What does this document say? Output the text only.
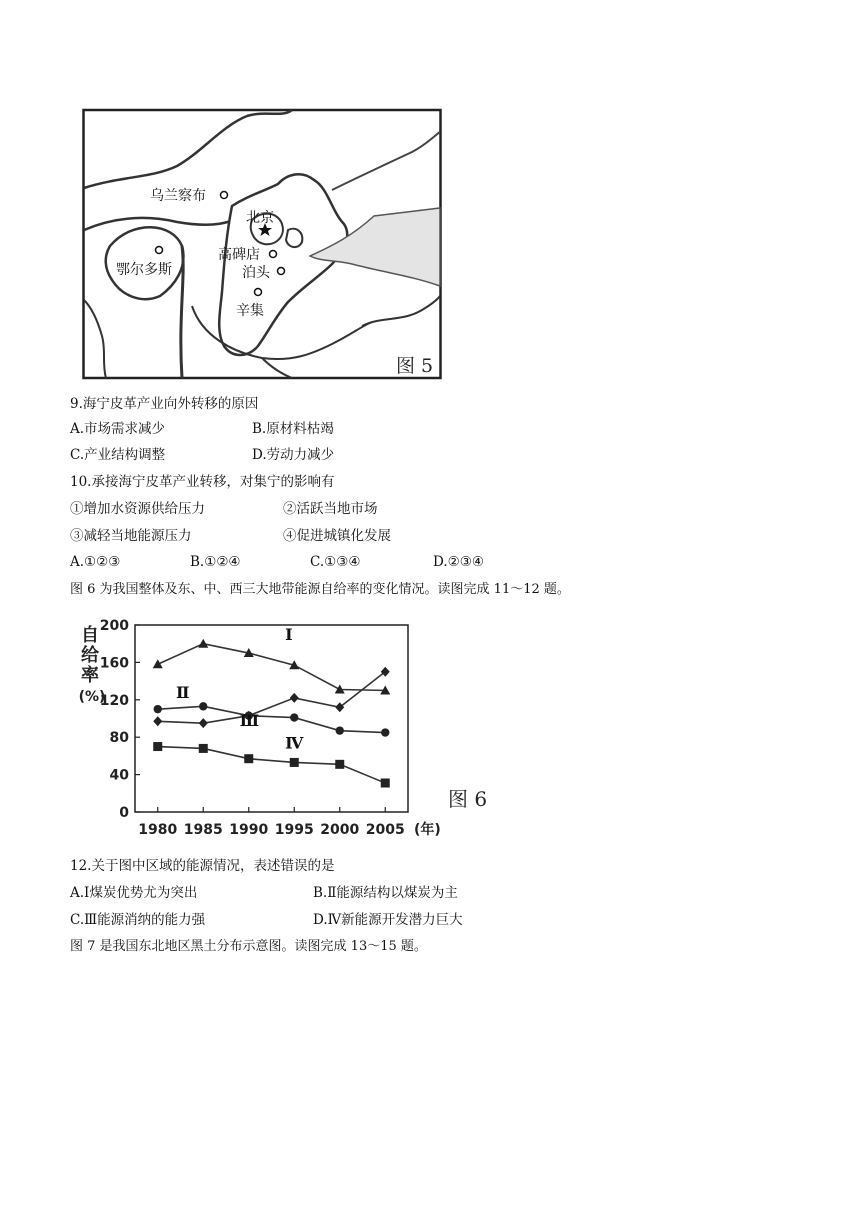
乌兰察布
北京
鄂尔多斯
高碑店
泊头
辛集
图 5
9.海宁皮革产业向外转移的原因
A.市场需求减少	B.原材料枯竭
C.产业结构调整	D.劳动力减少
10.承接海宁皮革产业转移，对集宁的影响有
①增加水资源供给压力	②活跃当地市场
③减轻当地能源压力	④促进城镇化发展
A.①②③	B.①②④	C.①③④	D.②③④
图 6 为我国整体及东、中、西三大地带能源自给率的变化情况。读图完成 11～12 题。
0
40
80
120
160
200
1980 1985 1990 1995 2000 2005 (年)
自
给
率
(%)
Ⅰ
Ⅱ
Ⅲ
Ⅳ
图 6
12.关于图中区域的能源情况，表述错误的是
A.Ⅰ煤炭优势尤为突出	B.Ⅱ能源结构以煤炭为主
C.Ⅲ能源消纳的能力强	D.Ⅳ新能源开发潜力巨大
图 7 是我国东北地区黑土分布示意图。读图完成 13～15 题。
